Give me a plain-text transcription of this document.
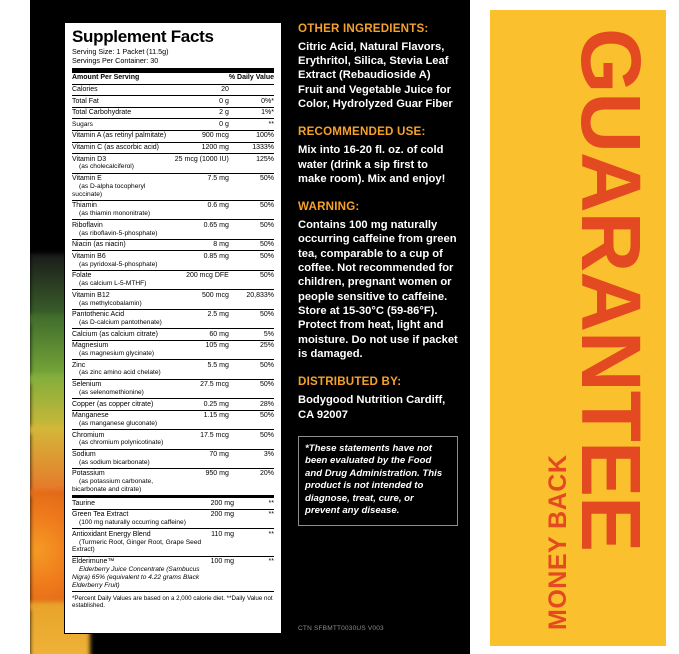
Supplement Facts
Serving Size: 1 Packet (11.5g)
Servings Per Container: 30
Amount Per Serving		% Daily Value
Calories	20	
Total Fat	0 g	0%*
Total Carbohydrate	2 g	1%*
Sugars	0 g	**
Vitamin A (as retinyl palmitate)	900 mcg	100%
Vitamin C (as ascorbic acid)	1200 mg	1333%
Vitamin D3
(as cholecalciferol)	25 mcg (1000 IU)	125%
Vitamin E
(as D-alpha tocopheryl succinate)	7.5 mg	50%
Thiamin
(as thiamin mononitrate)	0.6 mg	50%
Riboflavin
(as riboflavin-5-phosphate)	0.65 mg	50%
Niacin (as niacin)	8 mg	50%
Vitamin B6
(as pyridoxal-5-phosphate)	0.85 mg	50%
Folate
(as calcium L-5-MTHF)	200 mcg DFE	50%
Vitamin B12
(as methylcobalamin)	500 mcg	20,833%
Pantothenic Acid
(as D-calcium pantothenate)	2.5 mg	50%
Calcium (as calcium citrate)	60 mg	5%
Magnesium
(as magnesium glycinate)	105 mg	25%
Zinc
(as zinc amino acid chelate)	5.5 mg	50%
Selenium
(as selenomethionine)	27.5 mcg	50%
Copper (as copper citrate)	0.25 mg	28%
Manganese
(as manganese gluconate)	1.15 mg	50%
Chromium
(as chromium polynicotinate)	17.5 mcg	50%
Sodium
(as sodium bicarbonate)	70 mg	3%
Potassium
(as potassium carbonate, bicarbonate and citrate)	950 mg	20%
Taurine	200 mg	**
Green Tea Extract
(100 mg naturally occurring caffeine)	200 mg	**
Antioxidant Energy Blend
(Turmeric Root, Ginger Root, Grape Seed Extract)	110 mg	**
Elderimune™
Elderberry Juice Concentrate (Sambucus Nigra) 65% (equivalent to 4.22 grams Black Elderberry Fruit)	100 mg	**
*Percent Daily Values are based on a 2,000 calorie diet. **Daily Value not established.
OTHER INGREDIENTS:

Citric Acid, Natural Flavors, Erythritol, Silica, Stevia Leaf Extract (Rebaudioside A) Fruit and Vegetable Juice for Color, Hydrolyzed Guar Fiber

RECOMMENDED USE:

Mix into 16-20 fl. oz. of cold water (drink a sip first to make room). Mix and enjoy!

WARNING:

Contains 100 mg naturally occurring caffeine from green tea, comparable to a cup of coffee. Not recommended for children, pregnant women or people sensitive to caffeine. Store at 15-30°C (59-86°F). Protect from heat, light and moisture. Do not use if packet is damaged.

DISTRIBUTED BY:

Bodygood Nutrition Cardiff, CA 92007

*These statements have not been evaluated by the Food and Drug Administration. This product is not intended to diagnose, treat, cure, or prevent any disease.
CTN SFBMTT0030US V003
GUARANTEE
MONEY BACK
